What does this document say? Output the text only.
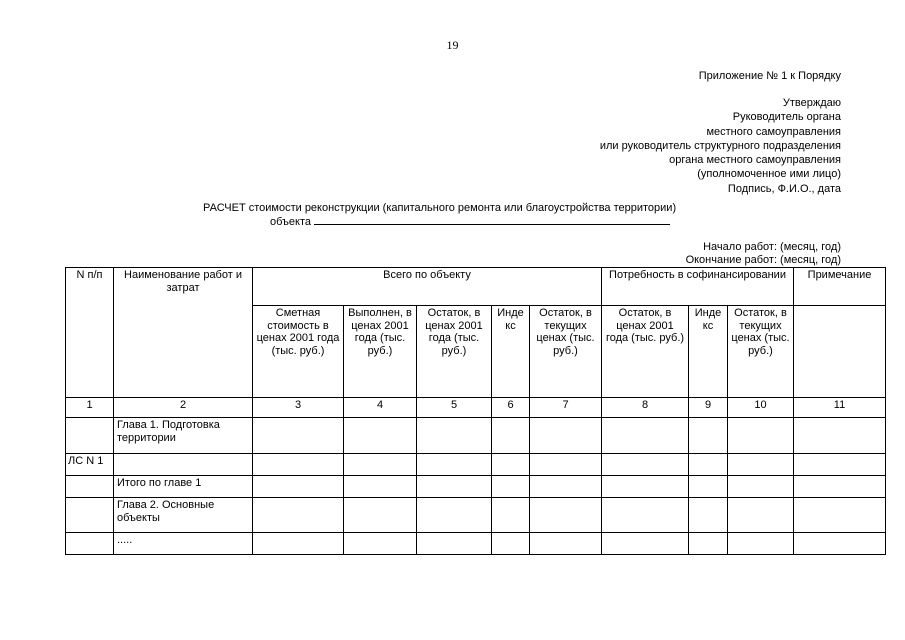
19
Приложение № 1 к Порядку
Утверждаю
Руководитель органа
местного самоуправления
или руководитель структурного подразделения
органа местного самоуправления
(уполномоченное ими лицо)
Подпись, Ф.И.О., дата
РАСЧЕТ стоимости реконструкции (капитального ремонта или благоустройства территории)
объекта
Начало работ: (месяц, год)
Окончание работ: (месяц, год)
N п/п	Наименование работ и затрат	Всего по объекту					Потребность в софинансировании			Примечание
		Сметная стоимость в ценах 2001 года (тыс. руб.)	Выполнен, в ценах 2001 года (тыс. руб.)	Остаток, в ценах 2001 года (тыс. руб.)	Инде кс	Остаток, в текущих ценах (тыс. руб.)	Остаток, в ценах 2001 года (тыс. руб.)	Инде кс	Остаток, в текущих ценах (тыс. руб.)	
1	2	3	4	5	6	7	8	9	10	11
	Глава 1. Подготовка территории									
ЛС N 1										
	Итого по главе 1									
	Глава 2. Основные объекты									
	.....									
